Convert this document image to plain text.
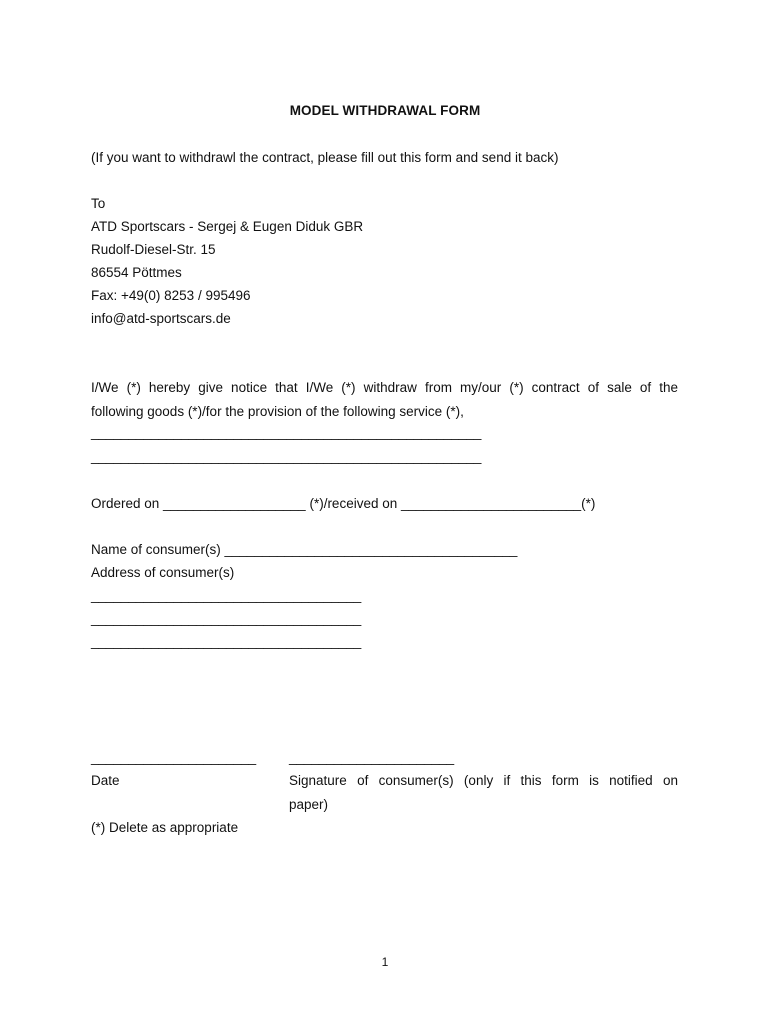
MODEL WITHDRAWAL FORM
(If you want to withdrawl the contract, please fill out this form and send it back)
To
ATD Sportscars - Sergej & Eugen Diduk GBR
Rudolf-Diesel-Str. 15
86554 Pöttmes
Fax: +49(0) 8253 / 995496
info@atd-sportscars.de
I/We (*) hereby give notice that I/We (*) withdraw from my/our (*) contract of sale of the
following goods (*)/for the provision of the following service (*),
____________________________________________________
____________________________________________________
Ordered on ___________________ (*)/received on ________________________(*)
Name of consumer(s) _______________________________________
Address of consumer(s)
____________________________________
____________________________________
____________________________________
______________________ ______________________
Date	Signature of consumer(s) (only if this form is notified on
paper)
(*) Delete as appropriate
1
